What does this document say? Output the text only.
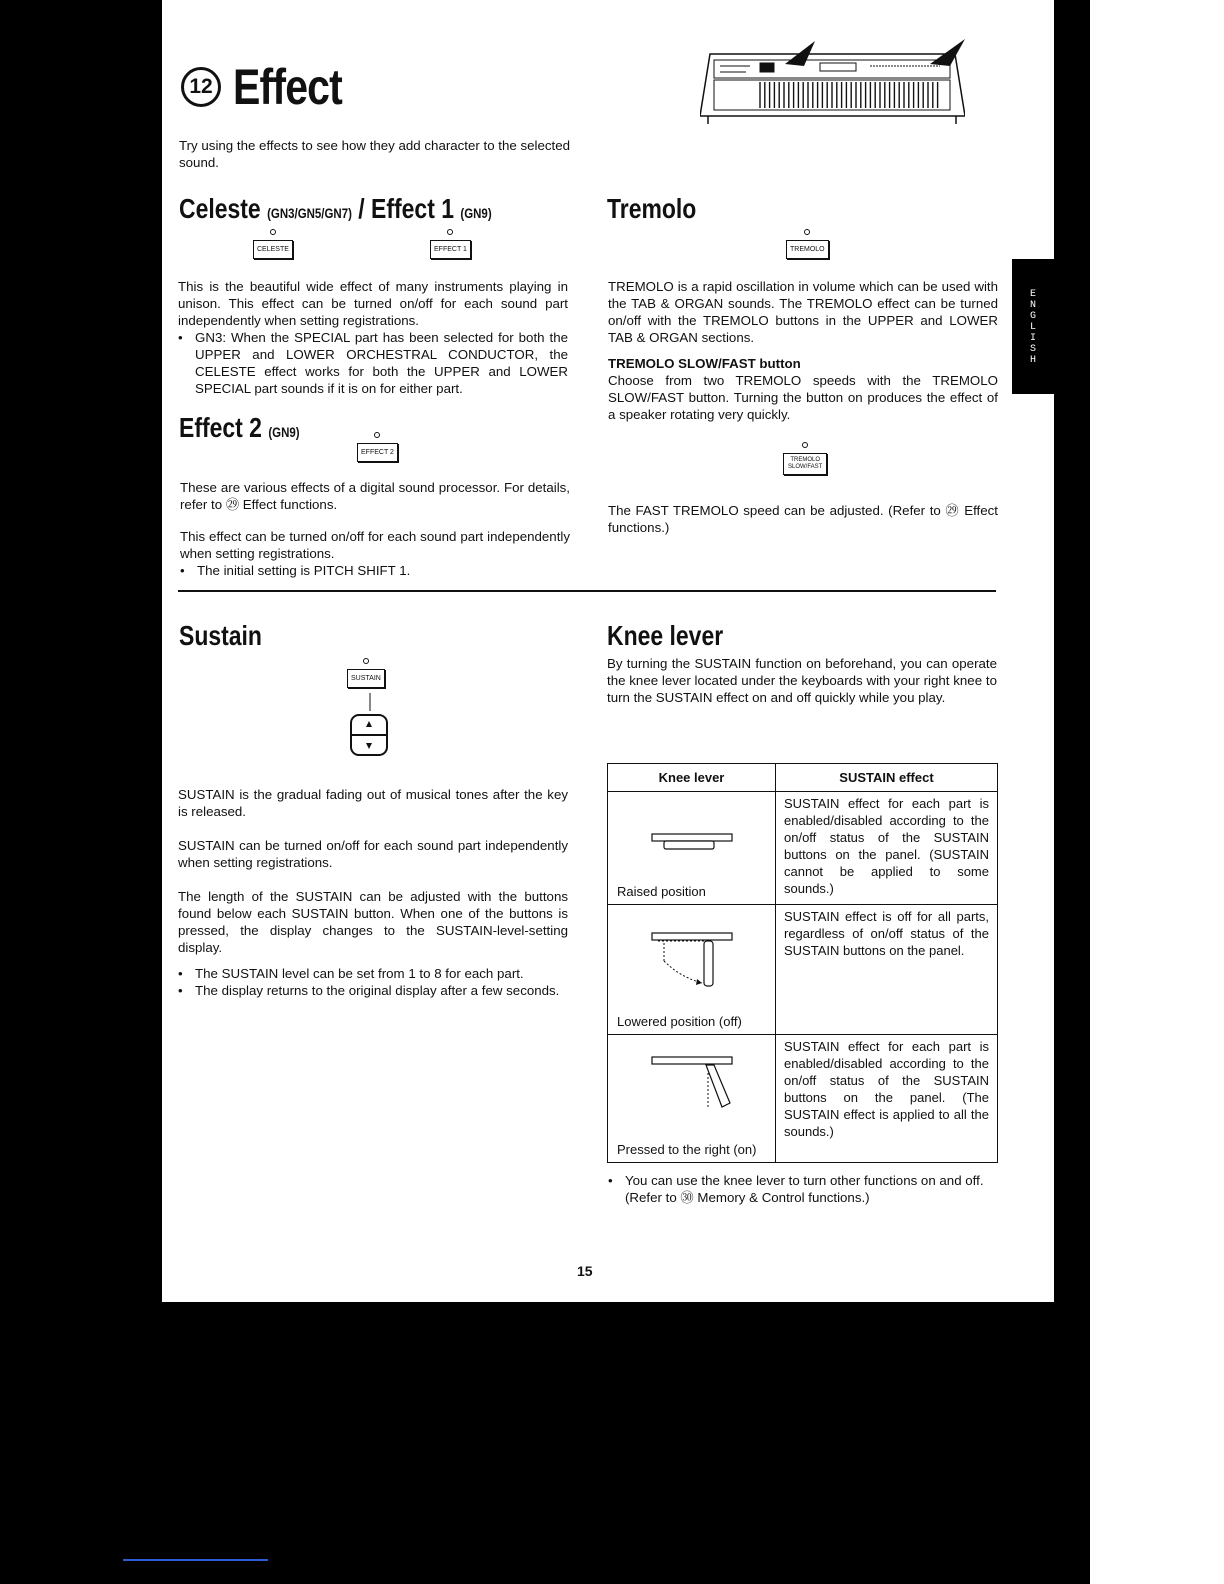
E
N
G
L
I
S
H
12 Effect
Try using the effects to see how they add character to the selected sound.
Celeste (GN3/GN5/GN7) / Effect 1 (GN9)
CELESTE	EFFECT 1

This is the beautiful wide effect of many instruments playing in unison. This effect can be turned on/off for each sound part independently when setting registrations.

• GN3: When the SPECIAL part has been selected for both the UPPER and LOWER ORCHESTRAL CONDUCTOR, the CELESTE effect works for both the UPPER and LOWER SPECIAL part sounds if it is on for either part.

Effect 2 (GN9)
EFFECT 2

These are various effects of a digital sound processor. For details, refer to ㉙ Effect functions.

This effect can be turned on/off for each sound part independently when setting registrations.

• The initial setting is PITCH SHIFT 1.

Tremolo
TREMOLO

TREMOLO is a rapid oscillation in volume which can be used with the TAB & ORGAN sounds. The TREMOLO effect can be turned on/off with the TREMOLO buttons in the UPPER and LOWER TAB & ORGAN sections.

TREMOLO SLOW/FAST button

Choose from two TREMOLO speeds with the TREMOLO SLOW/FAST button. Turning the button on produces the effect of a speaker rotating very quickly.

TREMOLO
SLOW/FAST
The FAST TREMOLO speed can be adjusted. (Refer to ㉙ Effect functions.)
Sustain
SUSTAIN

SUSTAIN is the gradual fading out of musical tones after the key is released.

SUSTAIN can be turned on/off for each sound part independently when setting registrations.

The length of the SUSTAIN can be adjusted with the buttons found below each SUSTAIN button. When one of the buttons is pressed, the display changes to the SUSTAIN-level-setting display.

• The SUSTAIN level can be set from 1 to 8 for each part.

• The display returns to the original display after a few seconds.

Knee lever
By turning the SUSTAIN function on beforehand, you can operate the knee lever located under the keyboards with your right knee to turn the SUSTAIN effect on and off quickly while you play.
Knee lever	SUSTAIN effect

Raised position	SUSTAIN effect for each part is enabled/disabled according to the on/off status of the SUSTAIN buttons on the panel. (SUSTAIN cannot be applied to some sounds.)

Lowered position (off)	SUSTAIN effect is off for all parts, regardless of on/off status of the SUSTAIN buttons on the panel.

Pressed to the right (on)	SUSTAIN effect for each part is enabled/disabled according to the on/off status of the SUSTAIN buttons on the panel. (The SUSTAIN effect is applied to all the sounds.)
• You can use the knee lever to turn other functions on and off. (Refer to ㉚ Memory & Control functions.)
15
